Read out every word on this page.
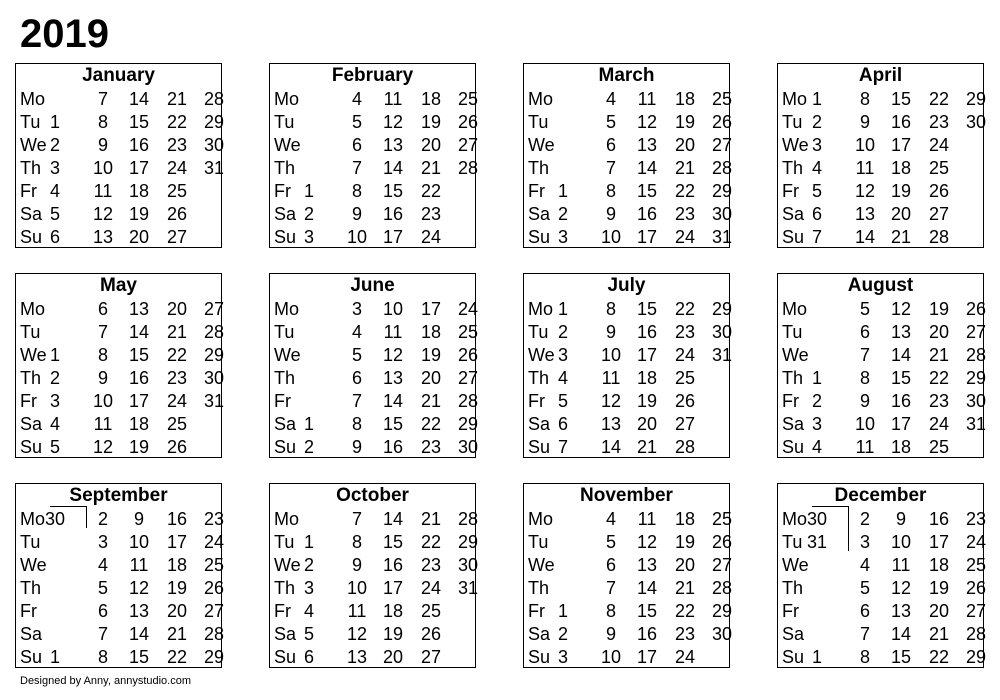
2019
January
Mo	7	14 21 28
Tu 1	8	15 22 29
We 2	9	16 23 30
Th 3	10 17 24 31
Fr 4	11 18 25
Sa 5	12 19 26
Su 6	13 20 27
February
Mo	4	11	18 25
Tu	5	12 19 26
We	6	13 20 27
Th	7	14 21 28
Fr 1	8	15 22
Sa 2	9	16 23
Su 3	10 17 24
March
Mo	4	11	18 25
Tu	5	12 19 26
We	6	13 20 27
Th	7	14 21 28
Fr 1	8	15 22 29
Sa 2	9	16 23 30
Su 3	10 17 24 31
April
Mo 1	8	15 22 29
Tu 2	9	16 23 30
We 3	10 17 24
Th 4	11 18 25
Fr 5	12 19 26
Sa 6	13 20 27
Su 7	14 21 28
May
Mo	6	13 20 27
Tu	7	14 21 28
We 1	8	15 22 29
Th 2	9	16 23 30
Fr 3	10 17 24 31
Sa 4	11 18 25
Su 5	12 19 26
June
Mo	3	10 17 24
Tu	4	11	18 25
We	5	12 19 26
Th	6	13 20 27
Fr	7	14 21 28
Sa 1	8	15 22 29
Su 2	9	16 23 30
July
Mo 1	8	15 22 29
Tu 2	9	16 23 30
We 3	10 17 24 31
Th 4	11 18 25
Fr 5	12 19 26
Sa 6	13 20 27
Su 7	14 21 28
August
Mo	5	12 19 26
Tu	6	13 20 27
We	7	14 21 28
Th 1	8	15 22 29
Fr 2	9	16 23 30
Sa 3	10 17 24 31
Su 4	11 18 25
September
Mo 30	2	9	16 23
Tu	3	10 17 24
We	4	11	18 25
Th	5	12 19 26
Fr	6	13 20 27
Sa	7	14 21 28
Su 1	8	15 22 29
October
Mo	7	14 21 28
Tu 1	8	15 22 29
We 2	9	16 23 30
Th 3	10 17 24 31
Fr 4	11 18 25
Sa 5	12 19 26
Su 6	13 20 27
November
Mo	4	11	18 25
Tu	5	12 19 26
We	6	13 20 27
Th	7	14 21 28
Fr 1	8	15 22 29
Sa 2	9	16 23 30
Su 3	10 17 24
December
Mo 30	2	9	16 23
Tu 31	3	10 17 24
We	4	11	18 25
Th	5	12 19 26
Fr	6	13 20 27
Sa	7	14 21 28
Su 1	8	15 22 29
Designed by Anny, annystudio.com
